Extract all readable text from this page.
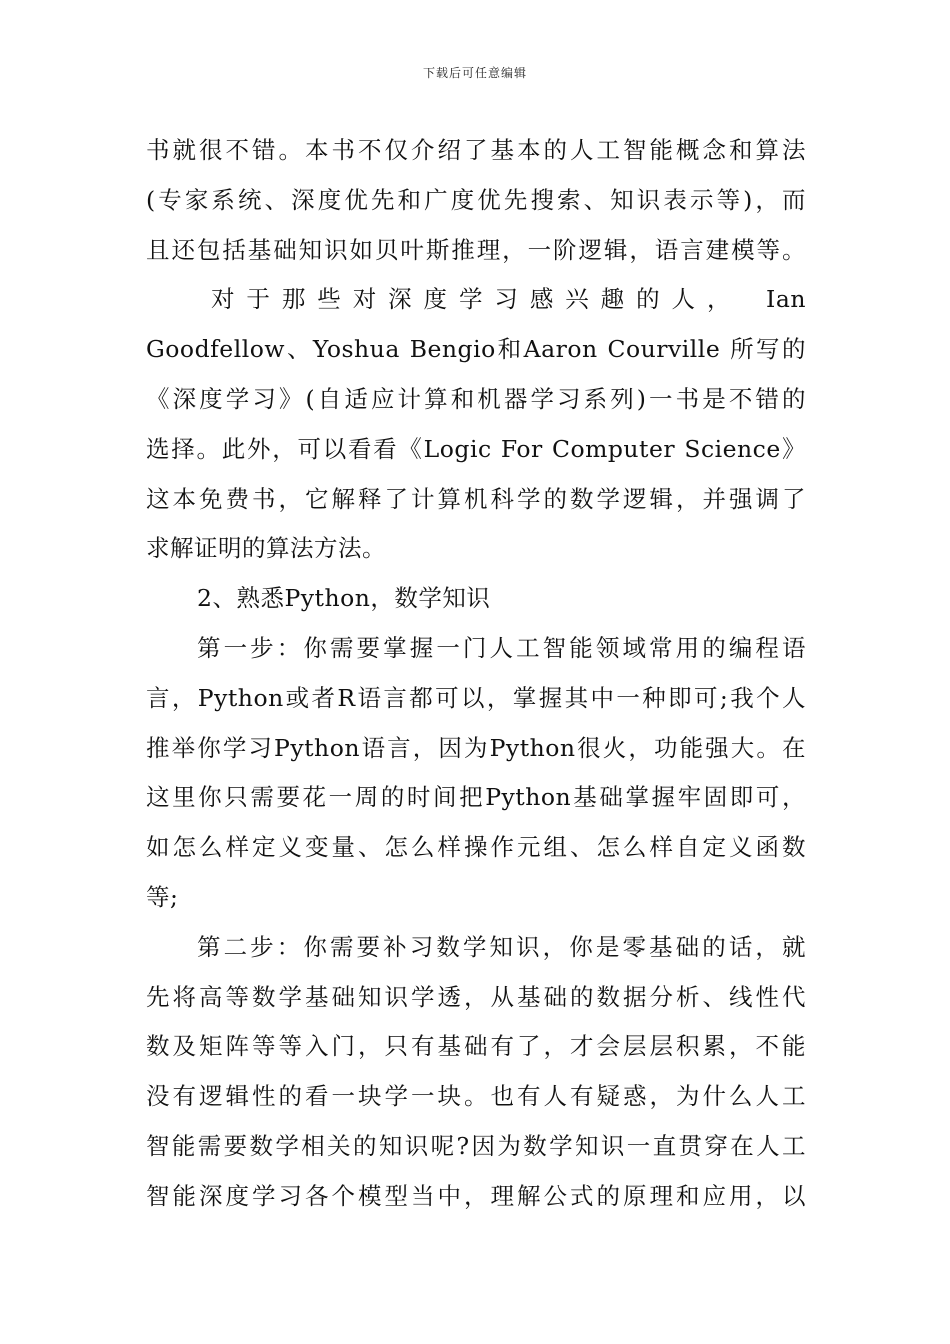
下载后可任意编辑
书就很不错。本书不仅介绍了基本的人工智能概念和算法
(专家系统、深度优先和广度优先搜索、知识表示等)，而
且还包括基础知识如贝叶斯推理，一阶逻辑，语言建模等。
对于那些对深度学习感兴趣的人，　Ian
Goodfellow、Yoshua Bengio和Aaron Courville 所写的
《深度学习》(自适应计算和机器学习系列)一书是不错的
选择。此外，可以看看《Logic For Computer Science》
这本免费书，它解释了计算机科学的数学逻辑，并强调了
求解证明的算法方法。
2、熟悉Python，数学知识
第一步：你需要掌握一门人工智能领域常用的编程语
言，Python或者R语言都可以，掌握其中一种即可;我个人
推举你学习Python语言，因为Python很火，功能强大。在
这里你只需要花一周的时间把Python基础掌握牢固即可，
如怎么样定义变量、怎么样操作元组、怎么样自定义函数
等;
第二步：你需要补习数学知识，你是零基础的话，就
先将高等数学基础知识学透，从基础的数据分析、线性代
数及矩阵等等入门，只有基础有了，才会层层积累，不能
没有逻辑性的看一块学一块。也有人有疑惑，为什么人工
智能需要数学相关的知识呢?因为数学知识一直贯穿在人工
智能深度学习各个模型当中，理解公式的原理和应用，以
